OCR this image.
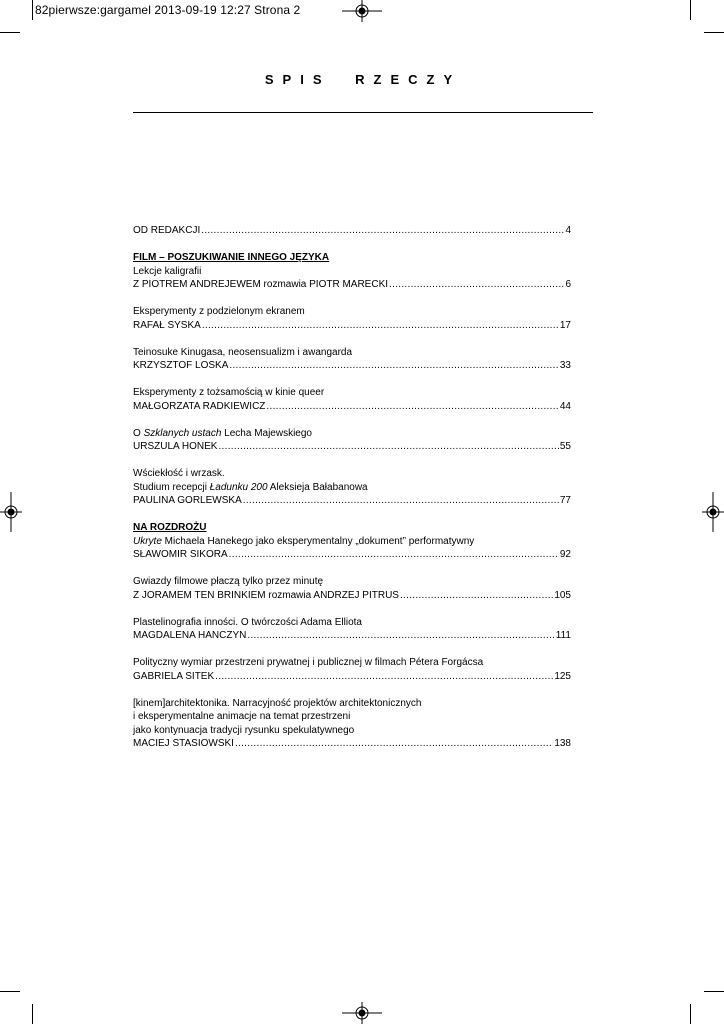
82pierwsze:gargamel 2013-09-19 12:27 Strona 2
SPIS RZECZY
OD REDAKCJI .....	4
FILM – POSZUKIWANIE INNEGO JĘZYKA
Lekcje kaligrafii
Z PIOTREM ANDREJEWEM rozmawia PIOTR MARECKI .....	6
Eksperymenty z podzielonym ekranem
RAFAŁ SYSKA .....	17
Teinosuke Kinugasa, neosensualizm i awangarda
KRZYSZTOF LOSKA .....	33
Eksperymenty z tożsamością w kinie queer
MAŁGORZATA RADKIEWICZ .....	44
O Szklanych ustach Lecha Majewskiego
URSZULA HONEK .....	55
Wściekłość i wrzask.
Studium recepcji Ładunku 200 Aleksieja Bałabanowa
PAULINA GORLEWSKA .....	77
NA ROZDROŻU
Ukryte Michaela Hanekego jako eksperymentalny „dokument” performatywny
SŁAWOMIR SIKORA .....	92
Gwiazdy filmowe płaczą tylko przez minutę
Z JORAMEM TEN BRINKIEM rozmawia ANDRZEJ PITRUS .....	105
Plastelinografia inności. O twórczości Adama Elliota
MAGDALENA HANCZYN .....	111
Polityczny wymiar przestrzeni prywatnej i publicznej w filmach Pétera Forgácsa
GABRIELA SITEK .....	125
[kinem]architektonika. Narracyjność projektów architektonicznych
i eksperymentalne animacje na temat przestrzeni
jako kontynuacja tradycji rysunku spekulatywnego
MACIEJ STASIOWSKI .....	138
